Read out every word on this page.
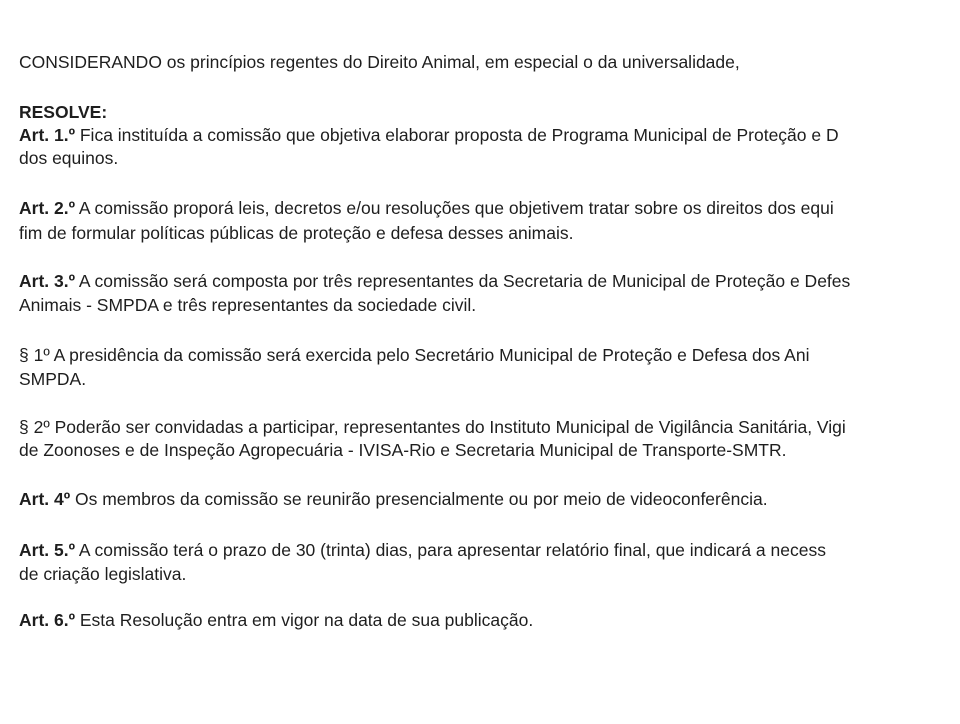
CONSIDERANDO os princípios regentes do Direito Animal, em especial o da universalidade,
RESOLVE:
Art. 1.º Fica instituída a comissão que objetiva elaborar proposta de Programa Municipal de Proteção e D
dos equinos.
Art. 2.º A comissão proporá leis, decretos e/ou resoluções que objetivem tratar sobre os direitos dos equi
fim de formular políticas públicas de proteção e defesa desses animais.
Art. 3.º A comissão será composta por três representantes da Secretaria de Municipal de Proteção e Defes
Animais - SMPDA e três representantes da sociedade civil.
§ 1º A presidência da comissão será exercida pelo Secretário Municipal de Proteção e Defesa dos Ani
SMPDA.
§ 2º Poderão ser convidadas a participar, representantes do Instituto Municipal de Vigilância Sanitária, Vigi
de Zoonoses e de Inspeção Agropecuária - IVISA-Rio e Secretaria Municipal de Transporte-SMTR.
Art. 4º Os membros da comissão se reunirão presencialmente ou por meio de videoconferência.
Art. 5.º A comissão terá o prazo de 30 (trinta) dias, para apresentar relatório final, que indicará a necess
de criação legislativa.
Art. 6.º Esta Resolução entra em vigor na data de sua publicação.
